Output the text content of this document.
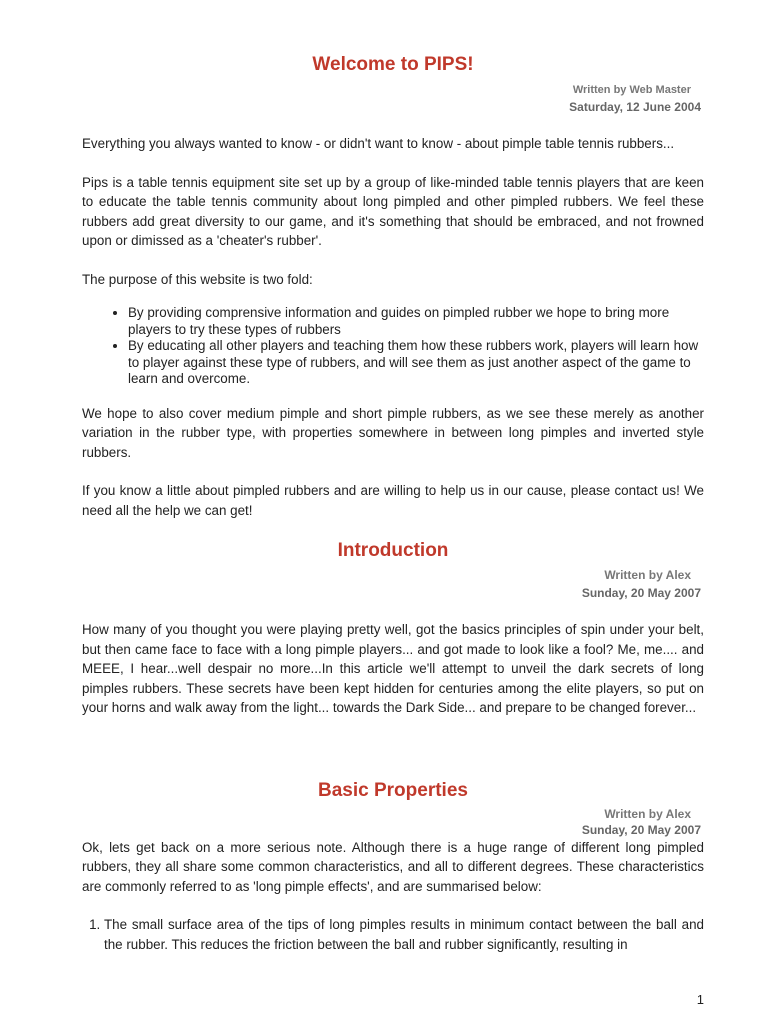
Welcome to PIPS!
Written by Web Master
Saturday, 12 June 2004

Everything you always wanted to know - or didn't want to know - about pimple table tennis rubbers...

Pips is a table tennis equipment site set up by a group of like-minded table tennis players that are keen to educate the table tennis community about long pimpled and other pimpled rubbers. We feel these rubbers add great diversity to our game, and it's something that should be embraced, and not frowned upon or dimissed as a 'cheater's rubber'.

The purpose of this website is two fold:

• By providing comprensive information and guides on pimpled rubber we hope to bring more players to try these types of rubbers
• By educating all other players and teaching them how these rubbers work, players will learn how to player against these type of rubbers, and will see them as just another aspect of the game to learn and overcome.

We hope to also cover medium pimple and short pimple rubbers, as we see these merely as another variation in the rubber type, with properties somewhere in between long pimples and inverted style rubbers.

If you know a little about pimpled rubbers and are willing to help us in our cause, please contact us! We need all the help we can get!

Introduction
Written by Alex
Sunday, 20 May 2007

How many of you thought you were playing pretty well, got the basics principles of spin under your belt, but then came face to face with a long pimple players... and got made to look like a fool? Me, me.... and MEEE, I hear...well despair no more...In this article we'll attempt to unveil the dark secrets of long pimples rubbers. These secrets have been kept hidden for centuries among the elite players, so put on your horns and walk away from the light... towards the Dark Side... and prepare to be changed forever...

Basic Properties
Written by Alex
Sunday, 20 May 2007

Ok, lets get back on a more serious note. Although there is a huge range of different long pimpled rubbers, they all share some common characteristics, and all to different degrees. These characteristics are commonly referred to as 'long pimple effects', and are summarised below:

1. The small surface area of the tips of long pimples results in minimum contact between the ball and the rubber. This reduces the friction between the ball and rubber significantly, resulting in
1
